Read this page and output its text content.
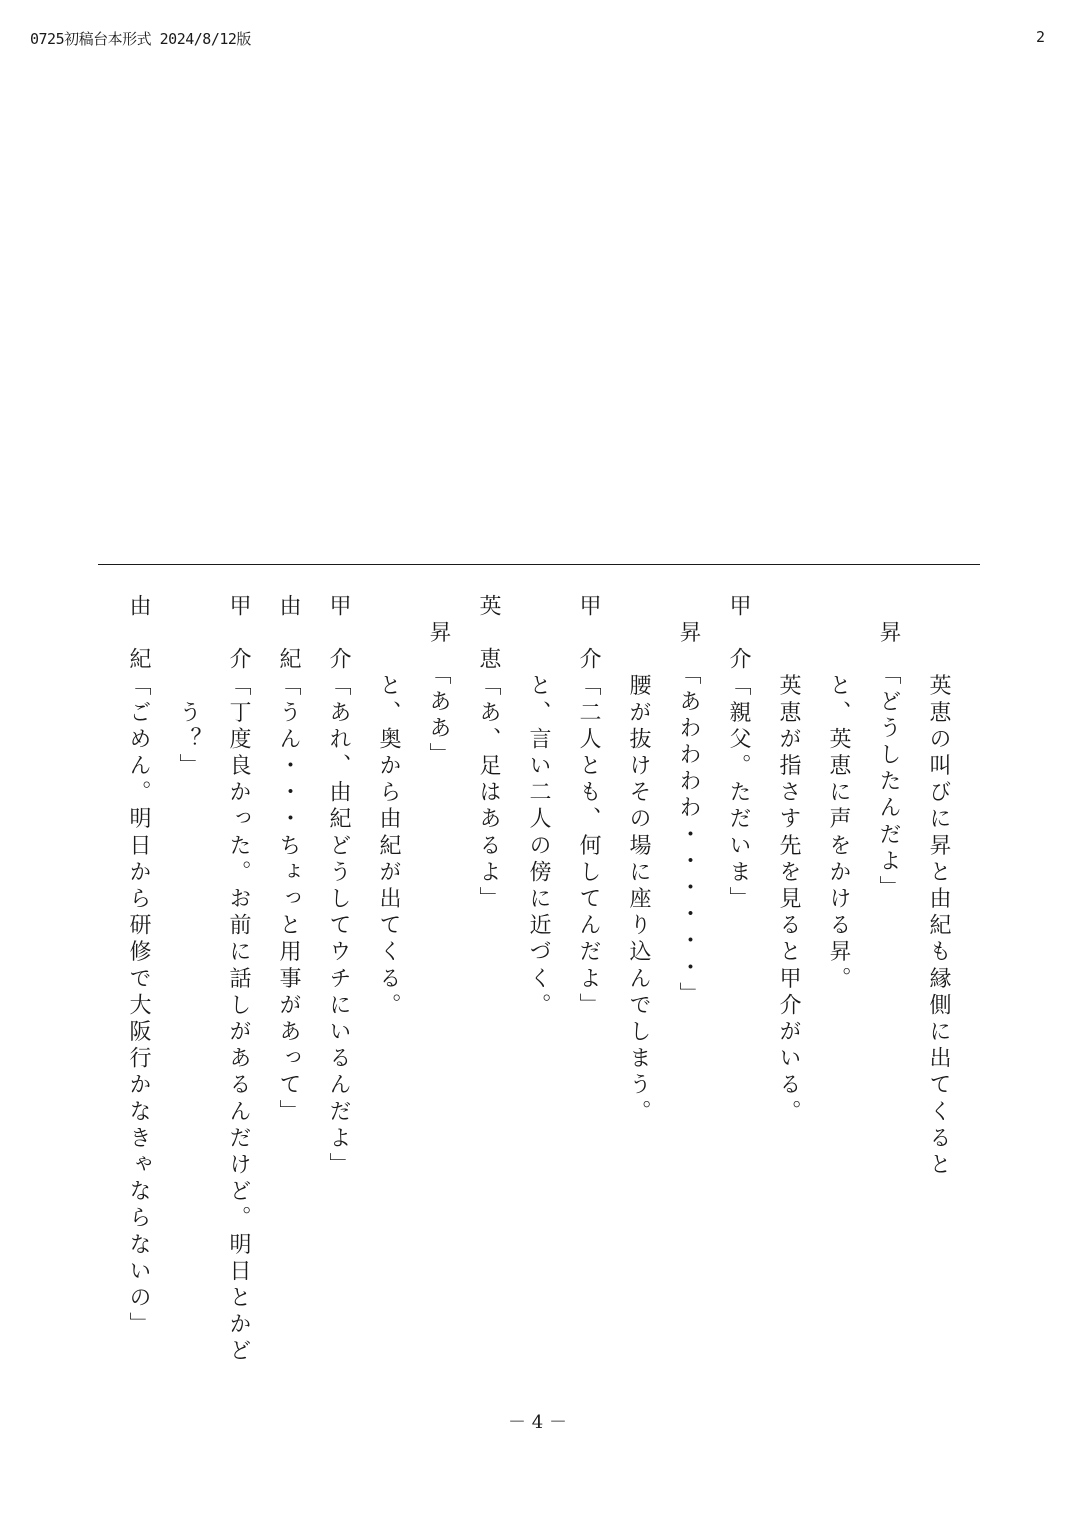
0725初稿台本形式 2024/8/12版	2
　　　英恵の叫びに昇と由紀も縁側に出てくると
　昇　「どうしたんだよ」
　　　と、英恵に声をかける昇。
　　　英恵が指さす先を見ると甲介がいる。
甲　介「親父。ただいま」
　昇　「あわわわわ・・・・・・」
　　　腰が抜けその場に座り込んでしまう。
甲　介「二人とも、何してんだよ」
　　　と、言い二人の傍に近づく。
英　恵「あ、足はあるよ」
　昇　「ああ」
　　　と、奥から由紀が出てくる。
甲　介「あれ、由紀どうしてウチにいるんだよ」
由　紀「うん・・・ちょっと用事があって」
甲　介「丁度良かった。お前に話しがあるんだけど。明日とかど
　　　　う？」
由　紀「ごめん。明日から研修で大阪行かなきゃならないの」
－ 4 －
